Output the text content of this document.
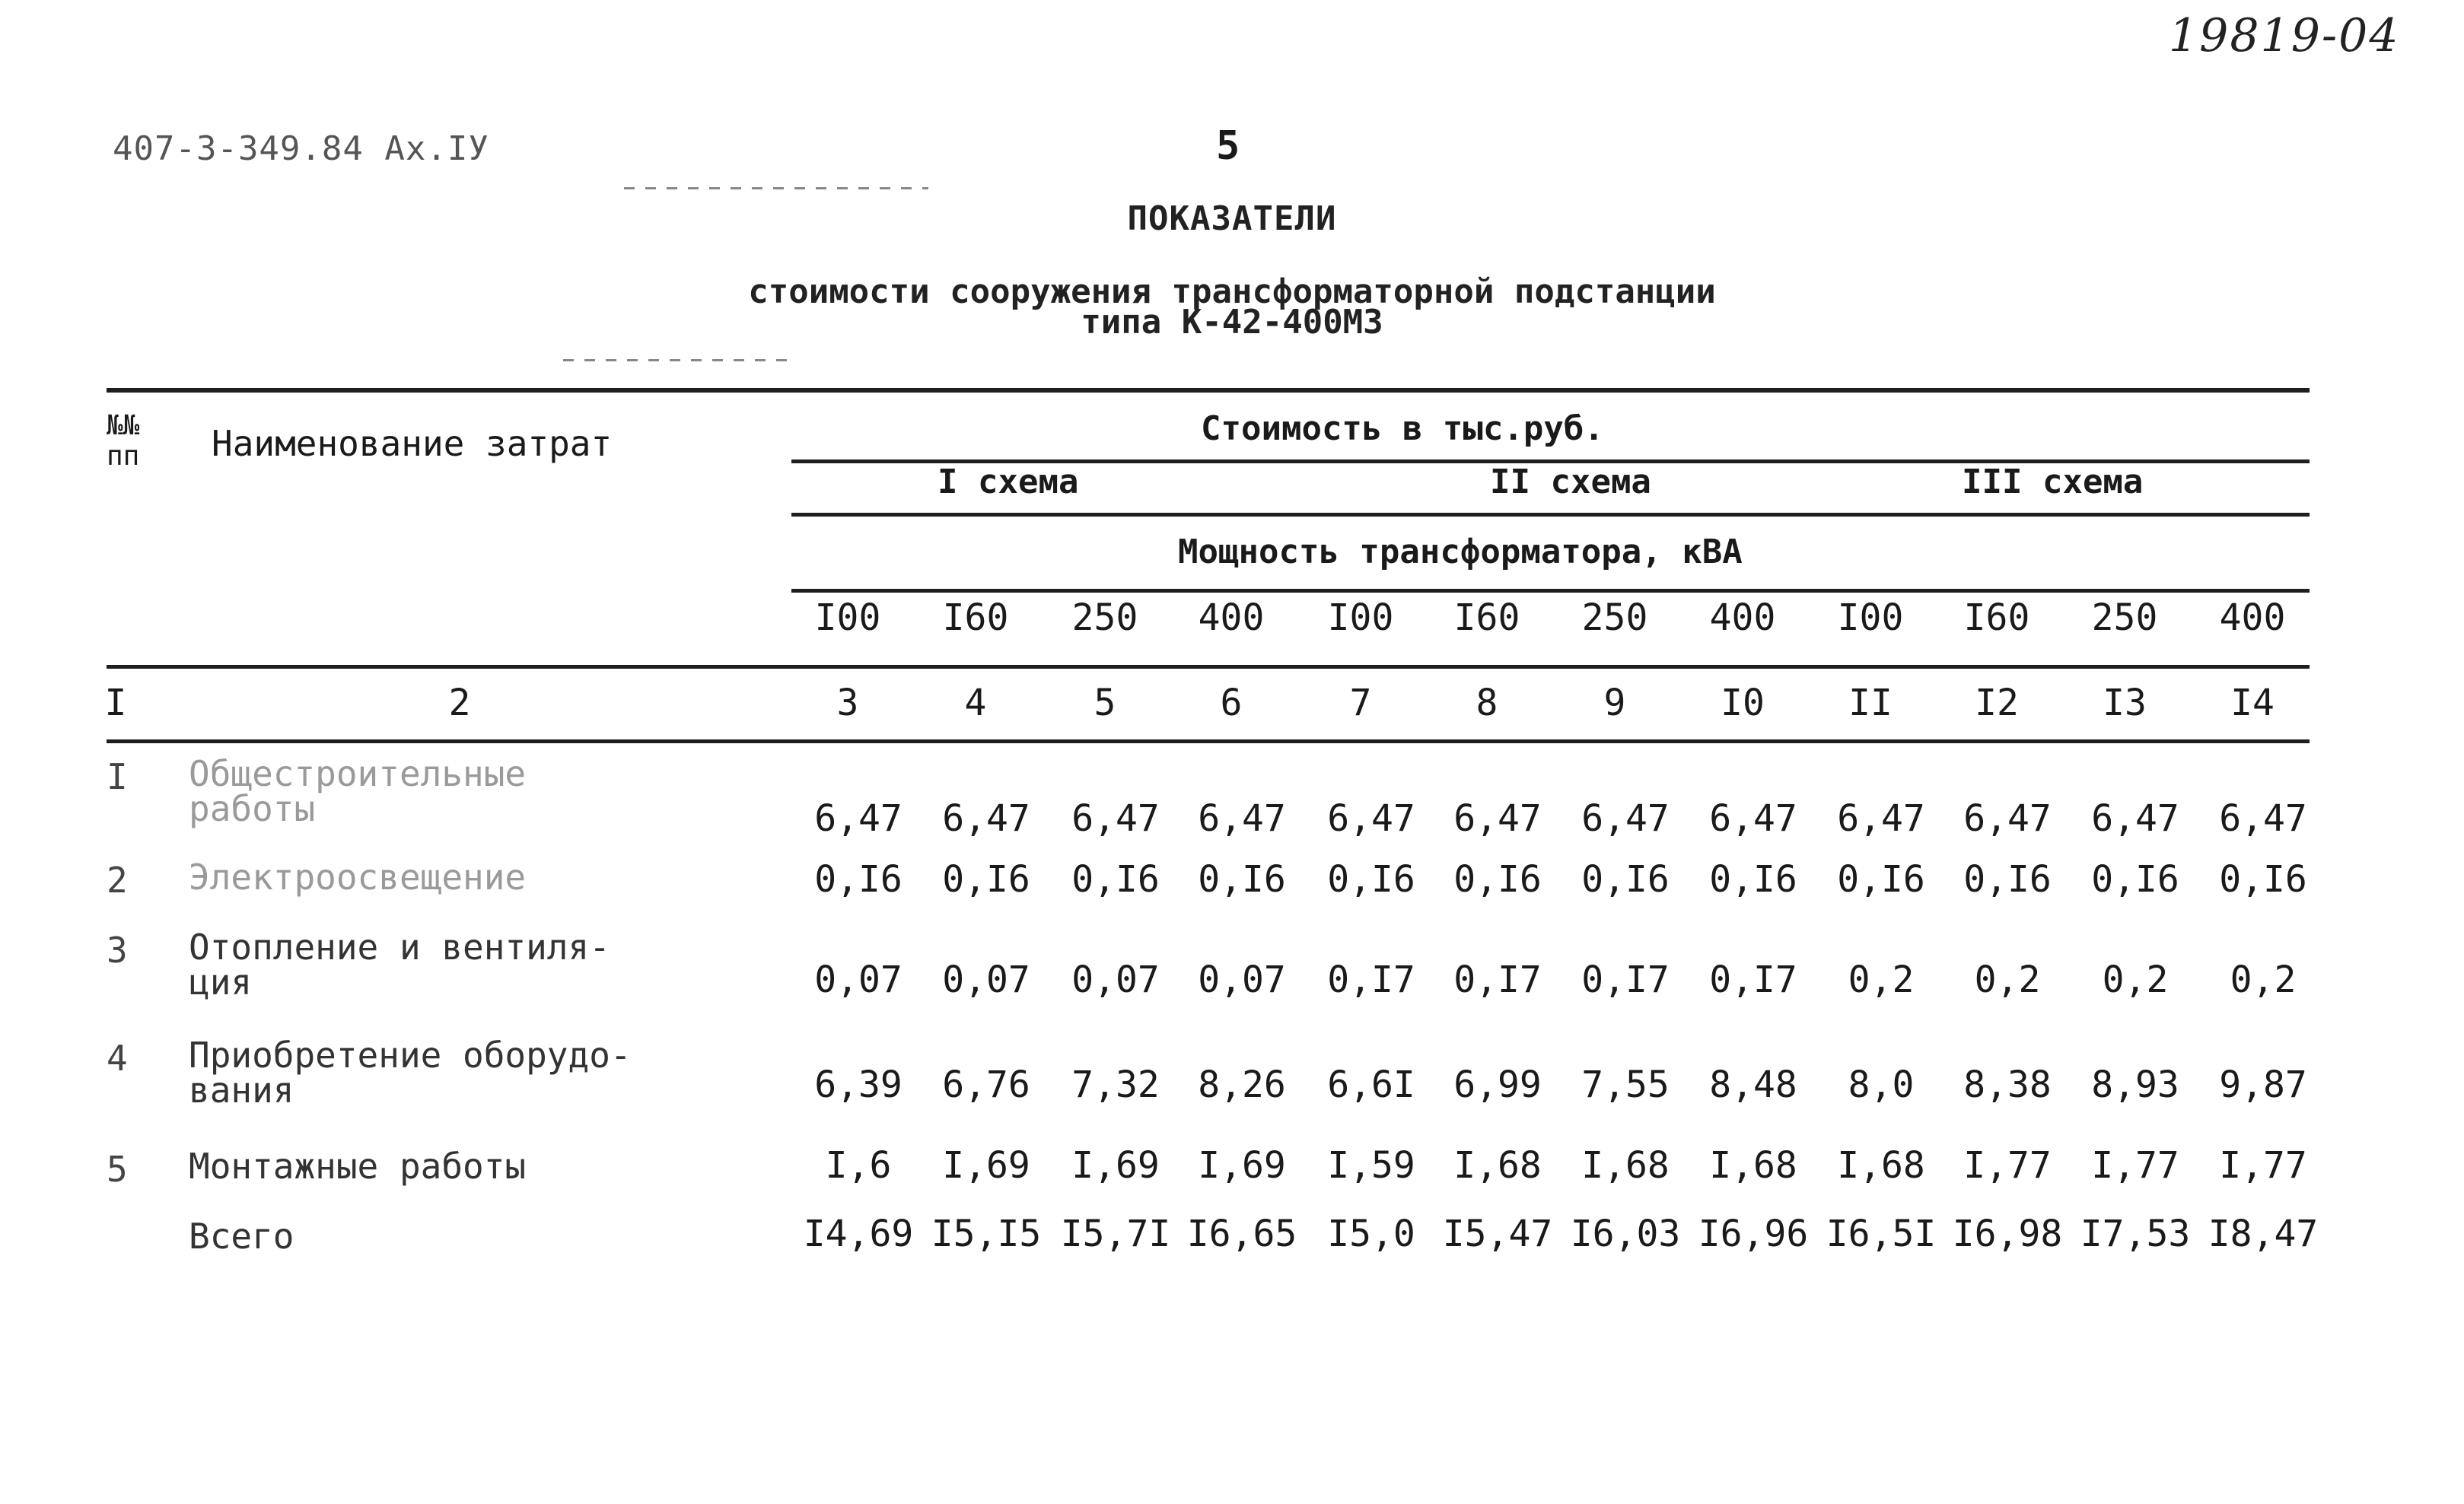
19819-04
407-3-349.84 Ах.ІУ	5
ПОКАЗАТЕЛИ
стоимости сооружения трансформаторной подстанции
типа К-42-400МЗ
№№
пп Наименование затрат	Стоимость в тыс.руб.
I схема	II схема	III схема
Мощность трансформатора, кВА
I00	I60	250	400	I00	I60	250	400	I00	I60	250	400
I	2	3	4	5	6	7	8	9	I0	II	I2	I3	I4
I Общестроительные
работы	6,47	6,47	6,47	6,47	6,47	6,47	6,47	6,47	6,47	6,47	6,47	6,47
2 Электроосвещение	0,I6	0,I6	0,I6	0,I6	0,I6	0,I6	0,I6	0,I6	0,I6	0,I6	0,I6	0,I6
3 Отопление и вентиля-
ция	0,07	0,07	0,07	0,07	0,I7	0,I7	0,I7	0,I7	0,2	0,2	0,2	0,2
4 Приобретение оборудо-
вания	6,39	6,76	7,32	8,26	6,6I	6,99	7,55	8,48	8,0	8,38	8,93	9,87
5 Монтажные работы	I,6	I,69	I,69	I,69	I,59	I,68	I,68	I,68	I,68	I,77	I,77	I,77
Всего	I4,69 I5,I5 I5,7I I6,65 I5,0 I5,47 I6,03 I6,96 I6,5I I6,98 I7,53 I8,47
